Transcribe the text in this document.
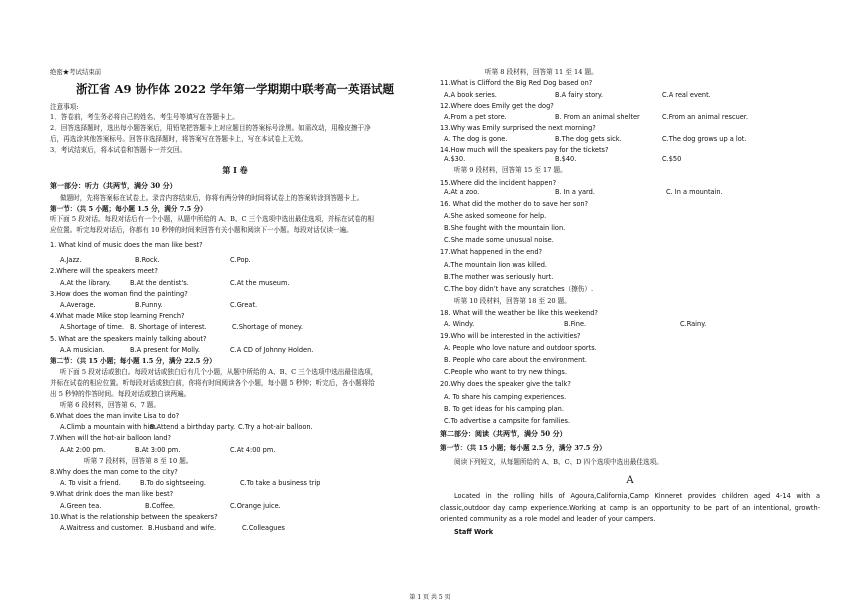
绝密★考试结束前
浙江省 A9 协作体 2022 学年第一学期期中联考高一英语试题
注意事项:
1．答卷前，考生务必将自己的姓名、考生号等填写在答题卡上。
2．回答选择题时，选出每小题答案后，用铅笔把答题卡上对应题目的答案标号涂黑。如需改动，用橡皮擦干净
后，再选涂其他答案标号。回答非选择题时，将答案写在答题卡上，写在本试卷上无效。
3．考试结束后，将本试卷和答题卡一并交回。
第 I 卷
第一部分：听力（共两节，满分 30 分）
做题时，先将答案标在试卷上。录音内容结束后，你将有两分钟的时间将试卷上的答案转涂到答题卡上。
第一节：（共 5 小题；每小题 1.5 分，满分 7.5 分）
听下面 5 段对话。每段对话后有一个小题，从题中所给的 A、B、C 三个选项中选出最佳选项，并标在试卷的相
应位置。听完每段对话后，你都有 10 秒钟的时间来回答有关小题和阅读下一小题。每段对话仅读一遍。
1. What kind of music does the man like best?
A.Jazz.	B.Rock.	C.Pop.
2.Where will the speakers meet?
A.At the library.	B.At the dentist's.	C.At the museum.
3.How does the woman find the painting?
A.Average.	B.Funny.	C.Great.
4.What made Mike stop learning French?
A.Shortage of time. B. Shortage of interest.	C.Shortage of money.
5. What are the speakers mainly talking about?
A.A musician.	B.A present for Molly.	C.A CD of Johnny Holden.
第二节：（共 15 小题；每小题 1.5 分，满分 22.5 分）
听下面 5 段对话或独白。每段对话或独白后有几个小题，从题中所给的 A、B、C 三个选项中选出最佳选项，
并标在试卷的相应位置。听每段对话或独白前，你将有时间阅读各个小题，每小题 5 秒钟；听完后，各小题将给
出 5 秒钟的作答时间。每段对话或独白读两遍。
听第 6 段材料，回答第 6、7 题。
6.What does the man invite Lisa to do?
A.Climb a mountain with him.
B.Attend a birthday party. C.Try a hot-air balloon.
7.When will the hot-air balloon land?
A.At 2:00 pm.	B.At 3:00 pm.	C.At 4:00 pm.
听第 7 段材料，回答第 8 至 10 题。
8.Why does the man come to the city?
A. To visit a friend.	B.To do sightseeing.	C.To take a business trip
9.What drink does the man like best?
A.Green tea.	B.Coffee.	C.Orange juice.
10.What is the relationship between the speakers?
A.Waitress and customer. B.Husband and wife.	C.Colleagues
听第 8 段材料，回答第 11 至 14 题。
11.What is Clifford the Big Red Dog based on?
A.A book series.	B.A fairy story.	C.A real event.
12.Where does Emily get the dog?
A.From a pet store.	B. From an animal shelter	C.From an animal rescuer.
13.Why was Emily surprised the next morning?
A. The dog is gone.	B.The dog gets sick.	C.The dog grows up a lot.
14.How much will the speakers pay for the tickets?
A.$30.	B.$40.	C.$50
听第 9 段材料，回答第 15 至 17 题。
15.Where did the incident happen?
A.At a zoo.	B. In a yard.	C. In a mountain.
16. What did the mother do to save her son?
A.She asked someone for help.
B.She fought with the mountain lion.
C.She made some unusual noise.
17.What happened in the end?
A.The mountain lion was killed.
B.The mother was seriously hurt.
C.The boy didn’t have any scratches（擦伤）.
听第 10 段材料，回答第 18 至 20 题。
18. What will the weather be like this weekend?
A. Windy.	B.Fine.	C.Rainy.
19.Who will be interested in the activities?
A. People who love nature and outdoor sports.
B. People who care about the environment.
C.People who want to try new things.
20.Why does the speaker give the talk?
A. To share his camping experiences.
B. To get ideas for his camping plan.
C.To advertise a campsite for families.
第二部分：阅读（共两节，满分 50 分）
第一节：（共 15 小题；每小题 2.5 分，满分 37.5 分）
阅读下列短文，从每题所给的 A、B、C、D 四个选项中选出最佳选项。
A
Located in the rolling hills of Agoura,California,Camp Kinneret provides children aged 4-14 with a classic,outdoor day camp experience.Working at camp is an opportunity to be part of an intentional, growth-oriented community as a role model and leader of your campers.
Staff Work
第 1 页 共 5 页
